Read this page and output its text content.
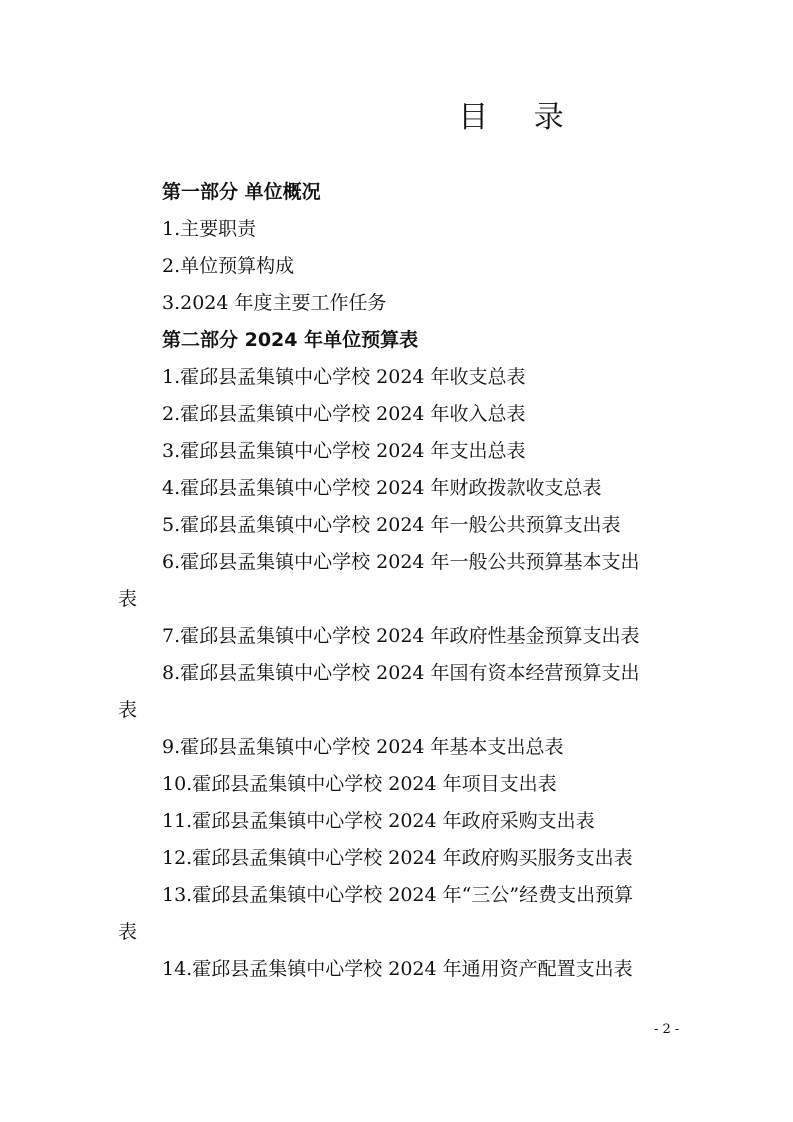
目 录
第一部分 单位概况
1.主要职责
2.单位预算构成
3.2024 年度主要工作任务
第二部分 2024 年单位预算表
1.霍邱县孟集镇中心学校 2024 年收支总表
2.霍邱县孟集镇中心学校 2024 年收入总表
3.霍邱县孟集镇中心学校 2024 年支出总表
4.霍邱县孟集镇中心学校 2024 年财政拨款收支总表
5.霍邱县孟集镇中心学校 2024 年一般公共预算支出表
6.霍邱县孟集镇中心学校 2024 年一般公共预算基本支出
表
7.霍邱县孟集镇中心学校 2024 年政府性基金预算支出表
8.霍邱县孟集镇中心学校 2024 年国有资本经营预算支出
表
9.霍邱县孟集镇中心学校 2024 年基本支出总表
10.霍邱县孟集镇中心学校 2024 年项目支出表
11.霍邱县孟集镇中心学校 2024 年政府采购支出表
12.霍邱县孟集镇中心学校 2024 年政府购买服务支出表
13.霍邱县孟集镇中心学校 2024 年“三公”经费支出预算
表
14.霍邱县孟集镇中心学校 2024 年通用资产配置支出表
- 2 -
